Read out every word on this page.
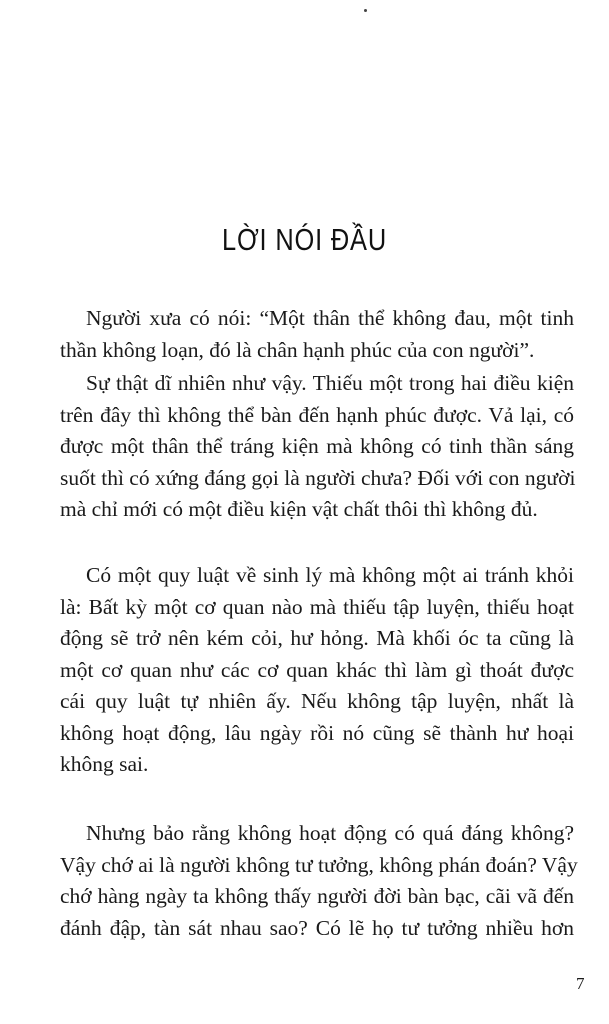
LỜI NÓI ĐẦU
Người xưa có nói: “Một thân thể không đau, một tinh
thần không loạn, đó là chân hạnh phúc của con người”.
Sự thật dĩ nhiên như vậy. Thiếu một trong hai điều kiện
trên đây thì không thể bàn đến hạnh phúc được. Vả lại, có
được một thân thể tráng kiện mà không có tinh thần sáng
suốt thì có xứng đáng gọi là người chưa? Đối với con người
mà chỉ mới có một điều kiện vật chất thôi thì không đủ.
Có một quy luật về sinh lý mà không một ai tránh khỏi
là: Bất kỳ một cơ quan nào mà thiếu tập luyện, thiếu hoạt
động sẽ trở nên kém cỏi, hư hỏng. Mà khối óc ta cũng là
một cơ quan như các cơ quan khác thì làm gì thoát được
cái quy luật tự nhiên ấy. Nếu không tập luyện, nhất là
không hoạt động, lâu ngày rồi nó cũng sẽ thành hư hoại
không sai.
Nhưng bảo rằng không hoạt động có quá đáng không?
Vậy chớ ai là người không tư tưởng, không phán đoán? Vậy
chớ hàng ngày ta không thấy người đời bàn bạc, cãi vã đến
đánh đập, tàn sát nhau sao? Có lẽ họ tư tưởng nhiều hơn
7
